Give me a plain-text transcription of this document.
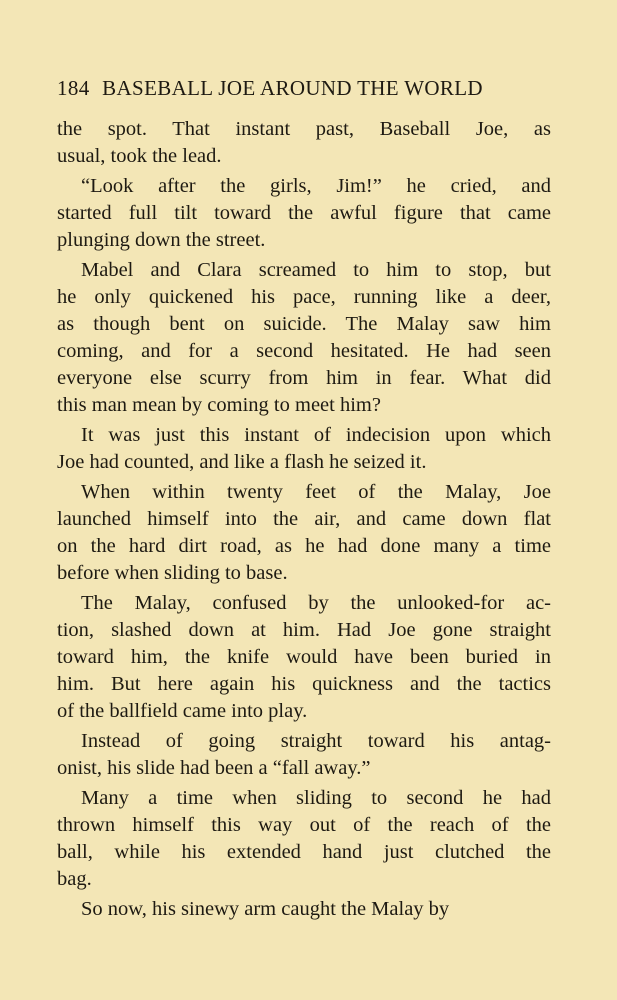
184 BASEBALL JOE AROUND THE WORLD
the spot. That instant past, Baseball Joe, as
usual, took the lead.
“Look after the girls, Jim!” he cried, and
started full tilt toward the awful figure that came
plunging down the street.
Mabel and Clara screamed to him to stop, but
he only quickened his pace, running like a deer,
as though bent on suicide. The Malay saw him
coming, and for a second hesitated. He had seen
everyone else scurry from him in fear. What did
this man mean by coming to meet him?
It was just this instant of indecision upon which
Joe had counted, and like a flash he seized it.
When within twenty feet of the Malay, Joe
launched himself into the air, and came down flat
on the hard dirt road, as he had done many a time
before when sliding to base.
The Malay, confused by the unlooked-for ac-
tion, slashed down at him. Had Joe gone straight
toward him, the knife would have been buried in
him. But here again his quickness and the tactics
of the ballfield came into play.
Instead of going straight toward his antag-
onist, his slide had been a “fall away.”
Many a time when sliding to second he had
thrown himself this way out of the reach of the
ball, while his extended hand just clutched the
bag.
So now, his sinewy arm caught the Malay by
